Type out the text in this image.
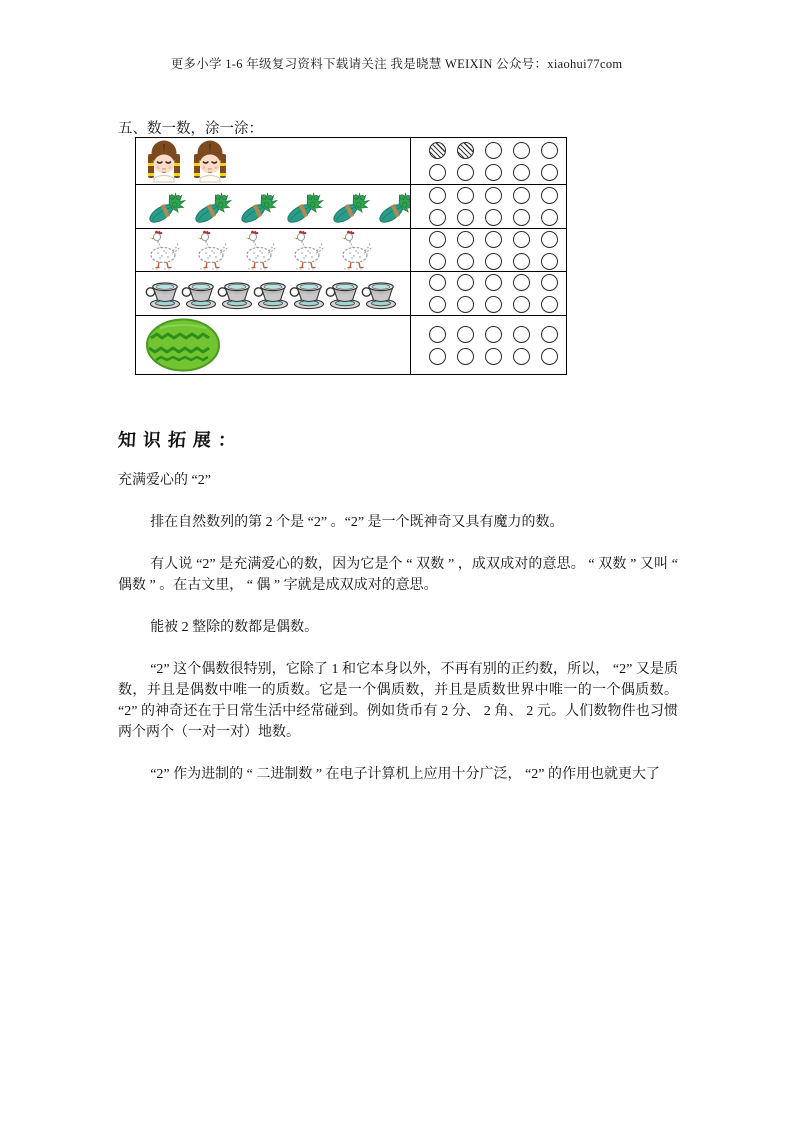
更多小学 1-6 年级复习资料下载请关注 我是晓慧 WEIXIN 公众号：xiaohui77com
五、数一数，涂一涂：
知识拓展：

充满爱心的 “2”

排在自然数列的第 2 个是 “2” 。“2” 是一个既神奇又具有魔力的数。

有人说 “2” 是充满爱心的数，因为它是个 “ 双数 ” ，成双成对的意思。 “ 双数 ” 又叫 “ 偶数 ” 。在古文里， “ 偶 ” 字就是成双成对的意思。

能被 2 整除的数都是偶数。

“2” 这个偶数很特别，它除了 1 和它本身以外，不再有别的正约数，所以， “2” 又是质数，并且是偶数中唯一的质数。它是一个偶质数，并且是质数世界中唯一的一个偶质数。 “2” 的神奇还在于日常生活中经常碰到。例如货币有 2 分、 2 角、 2 元。人们数物件也习惯两个两个（一对一对）地数。

“2” 作为进制的 “ 二进制数 ” 在电子计算机上应用十分广泛， “2” 的作用也就更大了
